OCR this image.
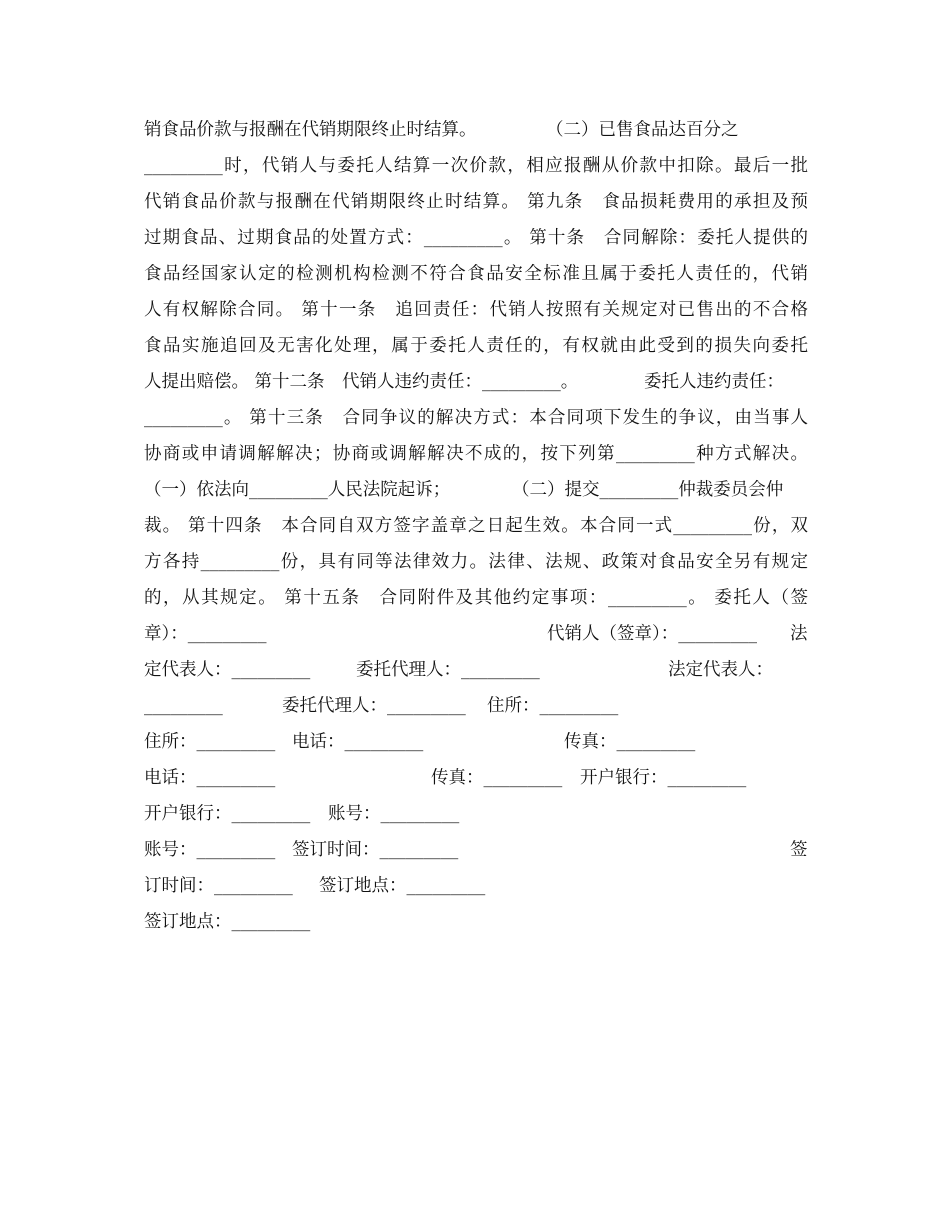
销食品价款与报酬在代销期限终止时结算。

	（二）已售食品达百分之

_________时，代销人与委托人结算一次价款，相应报酬从价款中扣除。最后一批
代销食品价款与报酬在代销期限终止时结算。 第九条　食品损耗费用的承担及预
过期食品、过期食品的处置方式：_________。 第十条　合同解除：委托人提供的
食品经国家认定的检测机构检测不符合食品安全标准且属于委托人责任的，代销
人有权解除合同。 第十一条　追回责任：代销人按照有关规定对已售出的不合格
食品实施追回及无害化处理，属于委托人责任的，有权就由此受到的损失向委托

人提出赔偿。 第十二条　代销人违约责任：_________。

	委托人违约责任：

_________。 第十三条　合同争议的解决方式：本合同项下发生的争议，由当事人
协商或申请调解解决；协商或调解解决不成的，按下列第_________种方式解决。

（一）依法向_________人民法院起诉；

	（二）提交_________仲裁委员会仲

裁。 第十四条　本合同自双方签字盖章之日起生效。本合同一式_________份，双
方各持_________份，具有同等法律效力。法律、法规、政策对食品安全另有规定
的，从其规定。 第十五条　合同附件及其他约定事项：_________。 委托人（签

章）：_________

	代销人（签章）：_________

法

定代表人：_________

	委托代理人：_________

	法定代表人：

_________

	委托代理人：_________

住所：_________

住所：_________

电话：_________

	传真：_________

电话：_________

	传真：_________

开户银行：_________

开户银行：_________

账号：_________

账号：_________

签订时间：_________

	签

订时间：_________

签订地点：_________

签订地点：_________
